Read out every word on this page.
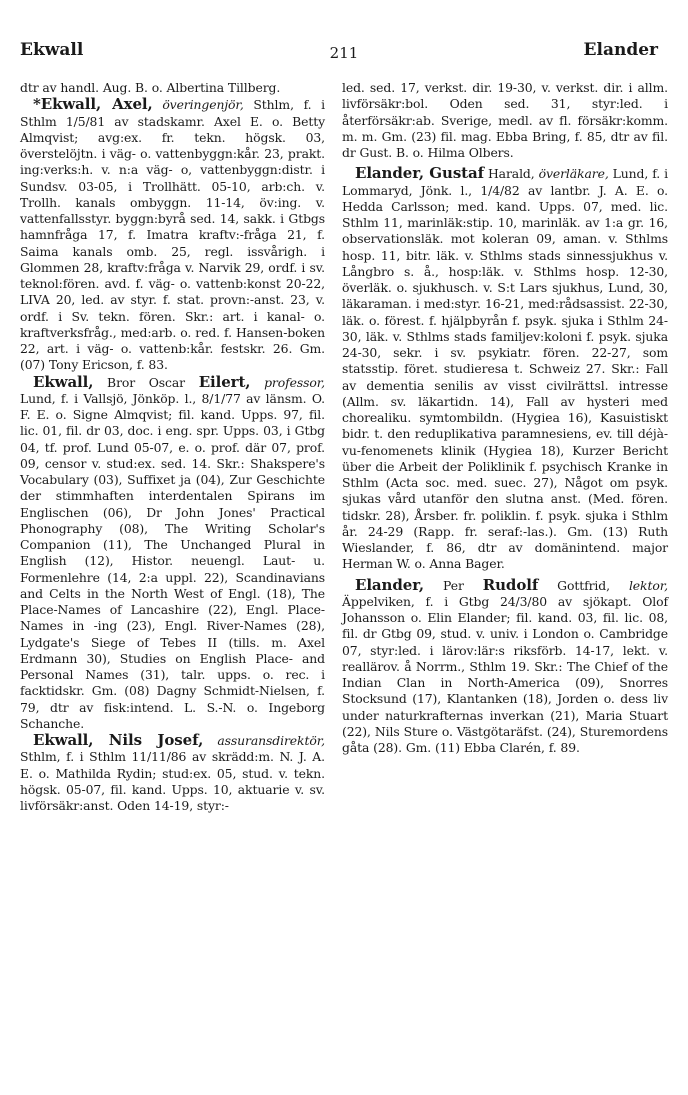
Ekwall	211	Elander

dtr av handl. Aug. B. o. Albertina Tillberg.

*Ekwall, Axel, överingenjör, Sthlm, f. i Sthlm 1/5/81 av stadskamr. Axel E. o. Betty Almqvist; avg:ex. fr. tekn. högsk. 03, överstelöjtn. i väg- o. vattenbyggn:kår. 23, prakt. ing:verks:h. v. n:a väg- o, vattenbyggn:distr. i Sundsv. 03-05, i Trollhätt. 05-10, arb:ch. v. Trollh. kanals ombyggn. 11-14, öv:ing. v. vattenfallsstyr. byggn:byrå sed. 14, sakk. i Gtbgs hamnfråga 17, f. Imatra kraftv:-fråga 21, f. Saima kanals omb. 25, regl. issvårigh. i Glommen 28, kraftv:fråga v. Narvik 29, ordf. i sv. teknol:fören. avd. f. väg- o. vattenb:konst 20-22, LIVA 20, led. av styr. f. stat. provn:-anst. 23, v. ordf. i Sv. tekn. fören. Skr.: art. i kanal- o. kraftverksfråg., med:arb. o. red. f. Hansen-boken 22, art. i väg- o. vattenb:kår. festskr. 26. Gm. (07) Tony Ericson, f. 83.

Ekwall, Bror Oscar Eilert, professor, Lund, f. i Vallsjö, Jönköp. l., 8/1/77 av länsm. O. F. E. o. Signe Almqvist; fil. kand. Upps. 97, fil. lic. 01, fil. dr 03, doc. i eng. spr. Upps. 03, i Gtbg 04, tf. prof. Lund 05-07, e. o. prof. där 07, prof. 09, censor v. stud:ex. sed. 14. Skr.: Shakspere's Vocabulary (03), Suffixet ja (04), Zur Geschichte der stimmhaften interdentalen Spirans im Englischen (06), Dr John Jones' Practical Phonography (08), The Writing Scholar's Companion (11), The Unchanged Plural in English (12), Histor. neuengl. Laut- u. Formenlehre (14, 2:a uppl. 22), Scandinavians and Celts in the North West of Engl. (18), The Place-Names of Lancashire (22), Engl. Place-Names in -ing (23), Engl. River-Names (28), Lydgate's Siege of Tebes II (tills. m. Axel Erdmann 30), Studies on English Place- and Personal Names (31), talr. upps. o. rec. i facktidskr. Gm. (08) Dagny Schmidt-Nielsen, f. 79, dtr av fisk:intend. L. S.-N. o. Ingeborg Schanche.

Ekwall, Nils Josef, assuransdirektör, Sthlm, f. i Sthlm 11/11/86 av skrädd:m. N. J. A. E. o. Mathilda Rydin; stud:ex. 05, stud. v. tekn. högsk. 05-07, fil. kand. Upps. 10, aktuarie v. sv. livförsäkr:anst. Oden 14-19, styr:-

led. sed. 17, verkst. dir. 19-30, v. verkst. dir. i allm. livförsäkr:bol. Oden sed. 31, styr:led. i återförsäkr:ab. Sverige, medl. av fl. försäkr:komm. m. m. Gm. (23) fil. mag. Ebba Bring, f. 85, dtr av fil. dr Gust. B. o. Hilma Olbers.

Elander, Gustaf Harald, överläkare, Lund, f. i Lommaryd, Jönk. l., 1/4/82 av lantbr. J. A. E. o. Hedda Carlsson; med. kand. Upps. 07, med. lic. Sthlm 11, marinläk:stip. 10, marinläk. av 1:a gr. 16, observationsläk. mot koleran 09, aman. v. Sthlms hosp. 11, bitr. läk. v. Sthlms stads sinnessjukhus v. Långbro s. å., hosp:läk. v. Sthlms hosp. 12-30, överläk. o. sjukhusch. v. S:t Lars sjukhus, Lund, 30, läkaraman. i med:styr. 16-21, med:rådsassist. 22-30, läk. o. förest. f. hjälpbyrån f. psyk. sjuka i Sthlm 24-30, läk. v. Sthlms stads familjev:koloni f. psyk. sjuka 24-30, sekr. i sv. psykiatr. fören. 22-27, som statsstip. föret. studieresa t. Schweiz 27. Skr.: Fall av dementia senilis av visst civilrättsl. intresse (Allm. sv. läkartidn. 14), Fall av hysteri med chorealiku. symtombildn. (Hygiea 16), Kasuistiskt bidr. t. den reduplikativa paramnesiens, ev. till déjà-vu-fenomenets klinik (Hygiea 18), Kurzer Bericht über die Arbeit der Poliklinik f. psychisch Kranke in Sthlm (Acta soc. med. suec. 27), Något om psyk. sjukas vård utanför den slutna anst. (Med. fören. tidskr. 28), Årsber. fr. poliklin. f. psyk. sjuka i Sthlm år. 24-29 (Rapp. fr. seraf:-las.). Gm. (13) Ruth Wieslander, f. 86, dtr av domänintend. major Herman W. o. Anna Bager.

Elander, Per Rudolf Gottfrid, lektor, Äppelviken, f. i Gtbg 24/3/80 av sjökapt. Olof Johansson o. Elin Elander; fil. kand. 03, fil. lic. 08, fil. dr Gtbg 09, stud. v. univ. i London o. Cambridge 07, styr:led. i lärov:lär:s riksförb. 14-17, lekt. v. reallärov. å Norrm., Sthlm 19. Skr.: The Chief of the Indian Clan in North-America (09), Snorres Stocksund (17), Klantanken (18), Jorden o. dess liv under naturkrafternas inverkan (21), Maria Stuart (22), Nils Sture o. Västgötaräfst. (24), Sturemordens gåta (28). Gm. (11) Ebba Clarén, f. 89.
